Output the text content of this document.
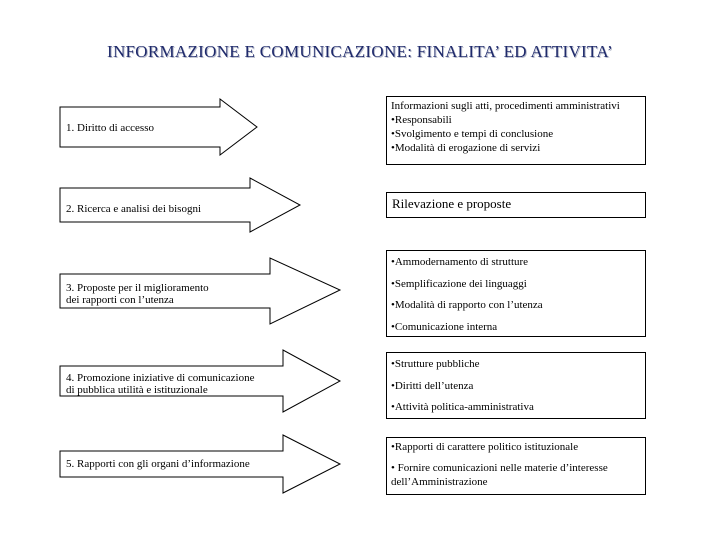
INFORMAZIONE E COMUNICAZIONE: FINALITA’ ED ATTIVITA’
1. Diritto di accesso
2. Ricerca e analisi dei bisogni
3. Proposte per il miglioramento
dei rapporti con l’utenza
4. Promozione iniziative di comunicazione
di pubblica utilità e istituzionale
5. Rapporti con gli organi d’informazione
Informazioni sugli atti, procedimenti amministrativi
•Responsabili
•Svolgimento e tempi di conclusione
•Modalità di erogazione di servizi
Rilevazione e proposte
•Ammodernamento di strutture
•Semplificazione dei linguaggi
•Modalità di rapporto con l’utenza
•Comunicazione interna
•Strutture pubbliche
•Diritti dell’utenza
•Attività politica-amministrativa
•Rapporti di carattere politico istituzionale
• Fornire comunicazioni nelle materie d’interesse
dell’Amministrazione
